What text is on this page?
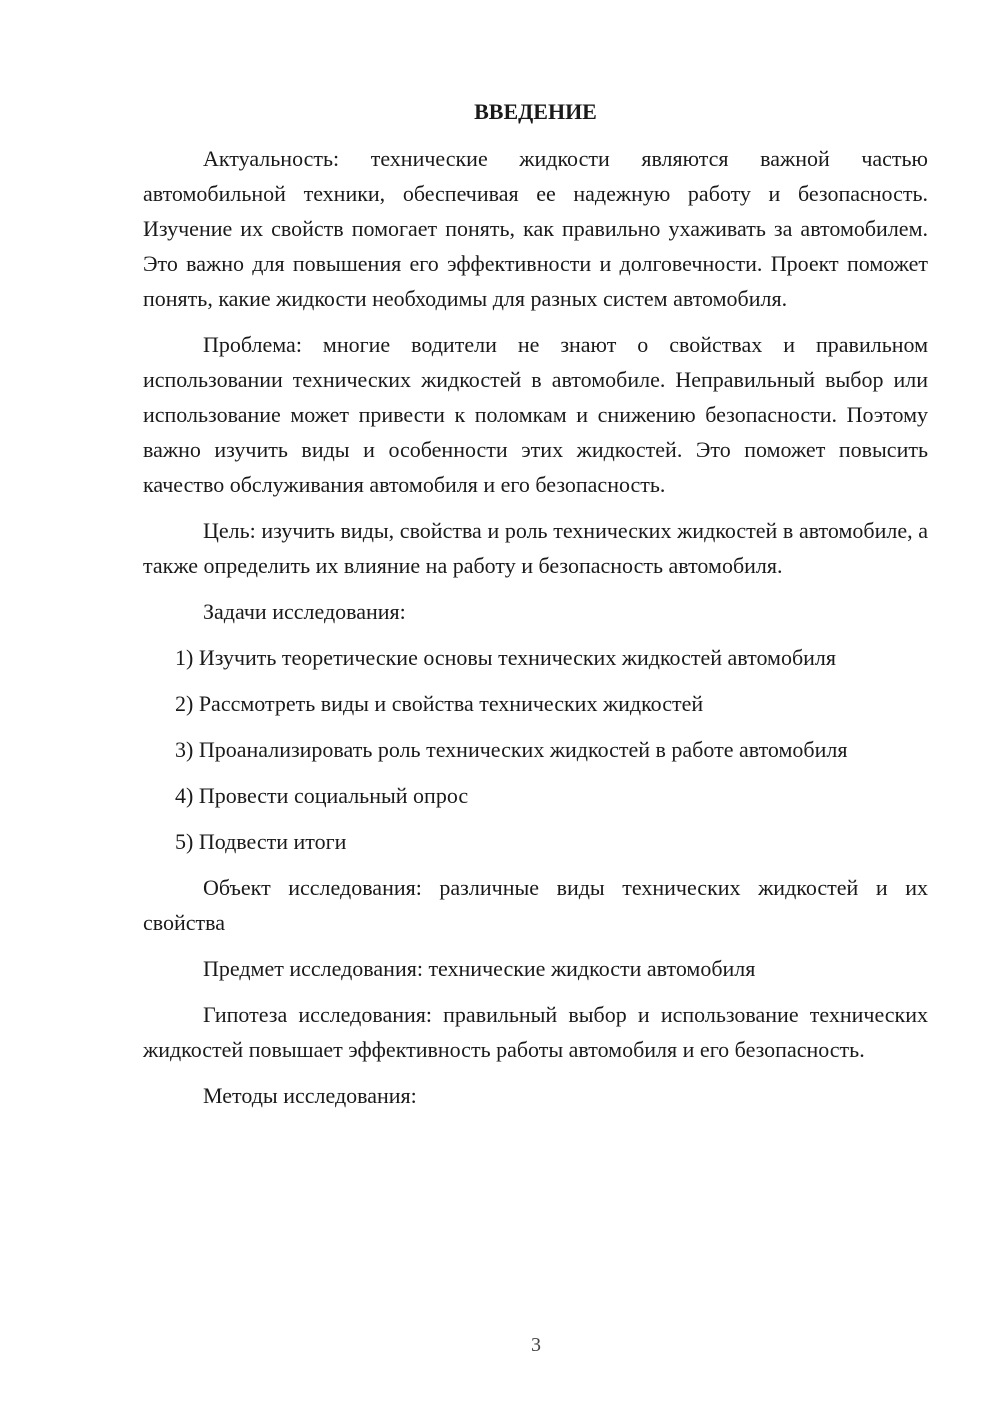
ВВЕДЕНИЕ

Актуальность: технические жидкости являются важной частью автомобильной техники, обеспечивая ее надежную работу и безопасность. Изучение их свойств помогает понять, как правильно ухаживать за автомобилем. Это важно для повышения его эффективности и долговечности. Проект поможет понять, какие жидкости необходимы для разных систем автомобиля.

Проблема: многие водители не знают о свойствах и правильном использовании технических жидкостей в автомобиле. Неправильный выбор или использование может привести к поломкам и снижению безопасности. Поэтому важно изучить виды и особенности этих жидкостей. Это поможет повысить качество обслуживания автомобиля и его безопасность.

Цель: изучить виды, свойства и роль технических жидкостей в автомобиле, а также определить их влияние на работу и безопасность автомобиля.

Задачи исследования:

1) Изучить теоретические основы технических жидкостей автомобиля

2) Рассмотреть виды и свойства технических жидкостей

3) Проанализировать роль технических жидкостей в работе автомобиля

4) Провести социальный опрос

5) Подвести итоги

Объект исследования: различные виды технических жидкостей и их свойства

Предмет исследования: технические жидкости автомобиля

Гипотеза исследования: правильный выбор и использование технических жидкостей повышает эффективность работы автомобиля и его безопасность.

Методы исследования:

3
